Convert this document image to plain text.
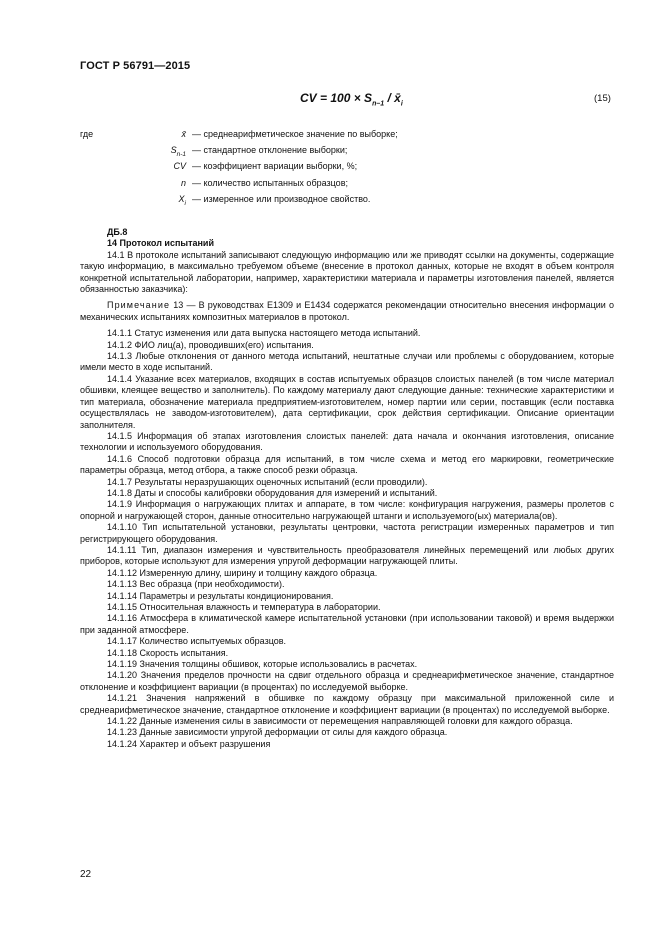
ГОСТ Р 56791—2015
CV = $100 \times S_{n-1}$ / $x̄_i$	(15)
где	x̄ — среднеарифметическое значение по выборке;
$S_{n-1}$ — стандартное отклонение выборки;
CV — коэффициент вариации выборки, %;
n — количество испытанных образцов;
$X_i$ — измеренное или производное свойство.

ДБ.8

14 Протокол испытаний

14.1 В протоколе испытаний записывают следующую информацию или же приводят ссылки на документы, содержащие такую информацию, в максимально требуемом объеме (внесение в протокол данных, которые не входят в объем контроля конкретной испытательной лаборатории, например, характеристики материала и параметры изготовления панелей, является обязанностью заказчика):

Примечание 13 — В руководствах E1309 и E1434 содержатся рекомендации относительно внесения информации о механических испытаниях композитных материалов в протокол.

14.1.1 Статус изменения или дата выпуска настоящего метода испытаний.

14.1.2 ФИО лиц(а), проводивших(его) испытания.

14.1.3 Любые отклонения от данного метода испытаний, нештатные случаи или проблемы с оборудованием, которые имели место в ходе испытаний.

14.1.4 Указание всех материалов, входящих в состав испытуемых образцов слоистых панелей (в том числе материал обшивки, клеящее вещество и заполнитель). По каждому материалу дают следующие данные: технические характеристики и тип материала, обозначение материала предприятием-изготовителем, номер партии или серии, поставщик (если поставка осуществлялась не заводом-изготовителем), дата сертификации, срок действия сертификации. Описание ориентации заполнителя.

14.1.5 Информация об этапах изготовления слоистых панелей: дата начала и окончания изготовления, описание технологии и используемого оборудования.

14.1.6 Способ подготовки образца для испытаний, в том числе схема и метод его маркировки, геометрические параметры образца, метод отбора, а также способ резки образца.

14.1.7 Результаты неразрушающих оценочных испытаний (если проводили).

14.1.8 Даты и способы калибровки оборудования для измерений и испытаний.

14.1.9 Информация о нагружающих плитах и аппарате, в том числе: конфигурация нагружения, размеры пролетов с опорной и нагружающей сторон, данные относительно нагружающей штанги и используемого(ых) материала(ов).

14.1.10 Тип испытательной установки, результаты центровки, частота регистрации измеренных параметров и тип регистрирующего оборудования.

14.1.11 Тип, диапазон измерения и чувствительность преобразователя линейных перемещений или любых других приборов, которые используют для измерения упругой деформации нагружающей плиты.

14.1.12 Измеренную длину, ширину и толщину каждого образца.

14.1.13 Вес образца (при необходимости).

14.1.14 Параметры и результаты кондиционирования.

14.1.15 Относительная влажность и температура в лаборатории.

14.1.16 Атмосфера в климатической камере испытательной установки (при использовании таковой) и время выдержки при заданной атмосфере.

14.1.17 Количество испытуемых образцов.

14.1.18 Скорость испытания.

14.1.19 Значения толщины обшивок, которые использовались в расчетах.

14.1.20 Значения пределов прочности на сдвиг отдельного образца и среднеарифметическое значение, стандартное отклонение и коэффициент вариации (в процентах) по исследуемой выборке.

14.1.21 Значения напряжений в обшивке по каждому образцу при максимальной приложенной силе и среднеарифметическое значение, стандартное отклонение и коэффициент вариации (в процентах) по исследуемой выборке.

14.1.22 Данные изменения силы в зависимости от перемещения направляющей головки для каждого образца.

14.1.23 Данные зависимости упругой деформации от силы для каждого образца.

14.1.24 Характер и объект разрушения

22
